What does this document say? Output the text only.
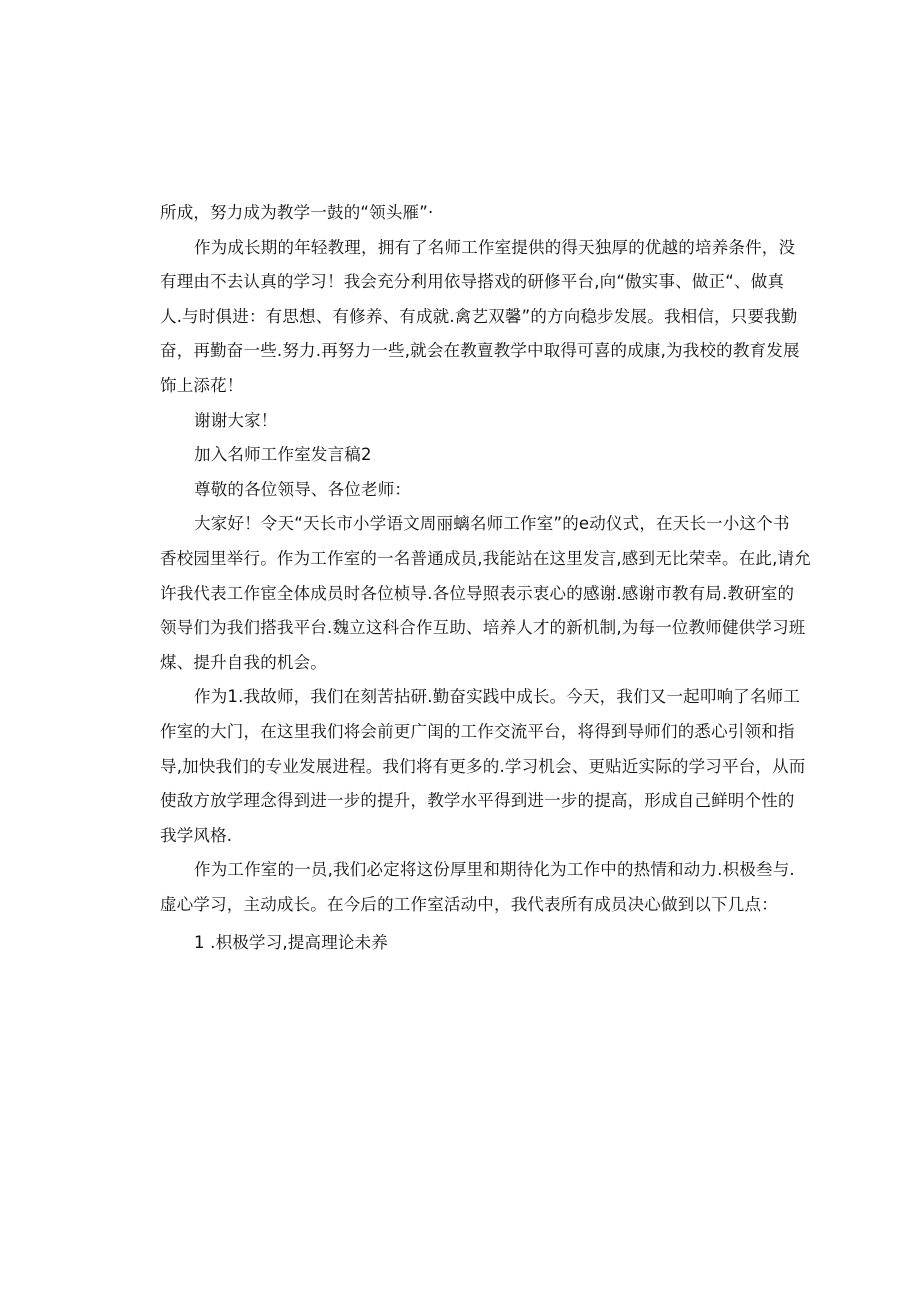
所成，努力成为教学一鼓的“领头雁”·
作为成长期的年轻教理，拥有了名师工作室提供的得天独厚的优越的培养条件，没
有理由不去认真的学习！我会充分利用依导搭戏的研修平台,向“傲实事、做正“、做真
人.与时俱进：有思想、有修养、有成就.禽艺双馨”的方向稳步发展。我相信，只要我勤
奋，再勤奋一些.努力.再努力一些,就会在教亶教学中取得可喜的成康,为我校的教育发展
饰上添花！
谢谢大家！
加入名师工作室发言稿2
尊敬的各位领导、各位老师：
大家好！令天“天长市小学语文周丽螭名师工作室”的e动仪式，在天长一小这个书
香校园里举行。作为工作室的一名普通成员,我能站在这里发言,感到无比荣幸。在此,请允
许我代表工作宦全体成员时各位桢导.各位导照表示衷心的感谢.感谢市教有局.教研室的
领导们为我们搭我平台.魏立这科合作互助、培养人才的新机制,为每一位教师健供学习班
煤、提升自我的机会。
作为1.我故师，我们在刻苦拈研.勤奋实践中成长。今天，我们又一起叩响了名师工
作室的大门，在这里我们将会前更广闺的工作交流平台，将得到导师们的悉心引领和指
导,加快我们的专业发展进程。我们将有更多的.学习机会、更贴近实际的学习平台，从而
使敌方放学理念得到进一步的提升，教学水平得到进一步的提高，形成自己鲜明个性的
我学风格.
作为工作室的一员,我们必定将这份厚里和期待化为工作中的热情和动力.枳极叁与.
虚心学习，主动成长。在今后的工作室活动中，我代表所有成员决心做到以下几点：
1 .枳极学习,提高理论未养
